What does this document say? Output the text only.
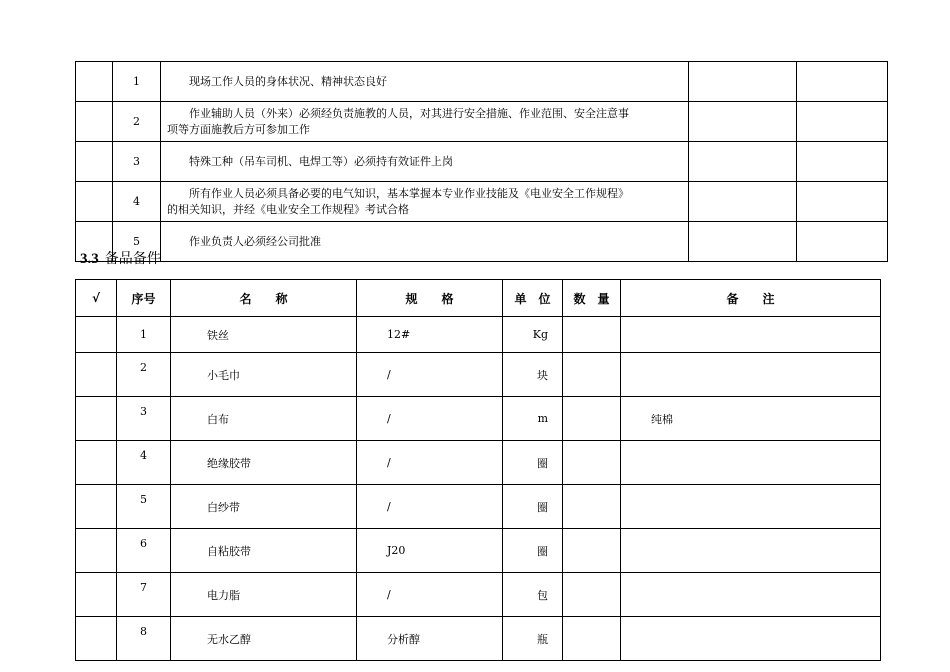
	1	现场工作人员的身体状况、精神状态良好		
	2	作业辅助人员（外来）必须经负责施教的人员，对其进行安全措施、作业范围、安全注意事
项等方面施教后方可参加工作		
	3	特殊工种（吊车司机、电焊工等）必须持有效证件上岗		
	4	所有作业人员必须具备必要的电气知识，基本掌握本专业作业技能及《电业安全工作规程》
的相关知识，并经《电业安全工作规程》考试合格		
	5	作业负责人必须经公司批准		
3.3 备品备件
√	序号	名　　称	规　　格	单　位	数　量	备　　注
	1	铁丝	12#	Kg		
	2	小毛巾	/	块		
	3	白布	/	m		纯棉
	4	绝缘胶带	/	圈		
	5	白纱带	/	圈		
	6	自粘胶带	J20	圈		
	7	电力脂	/	包		
	8	无水乙醇	分析醇	瓶		
